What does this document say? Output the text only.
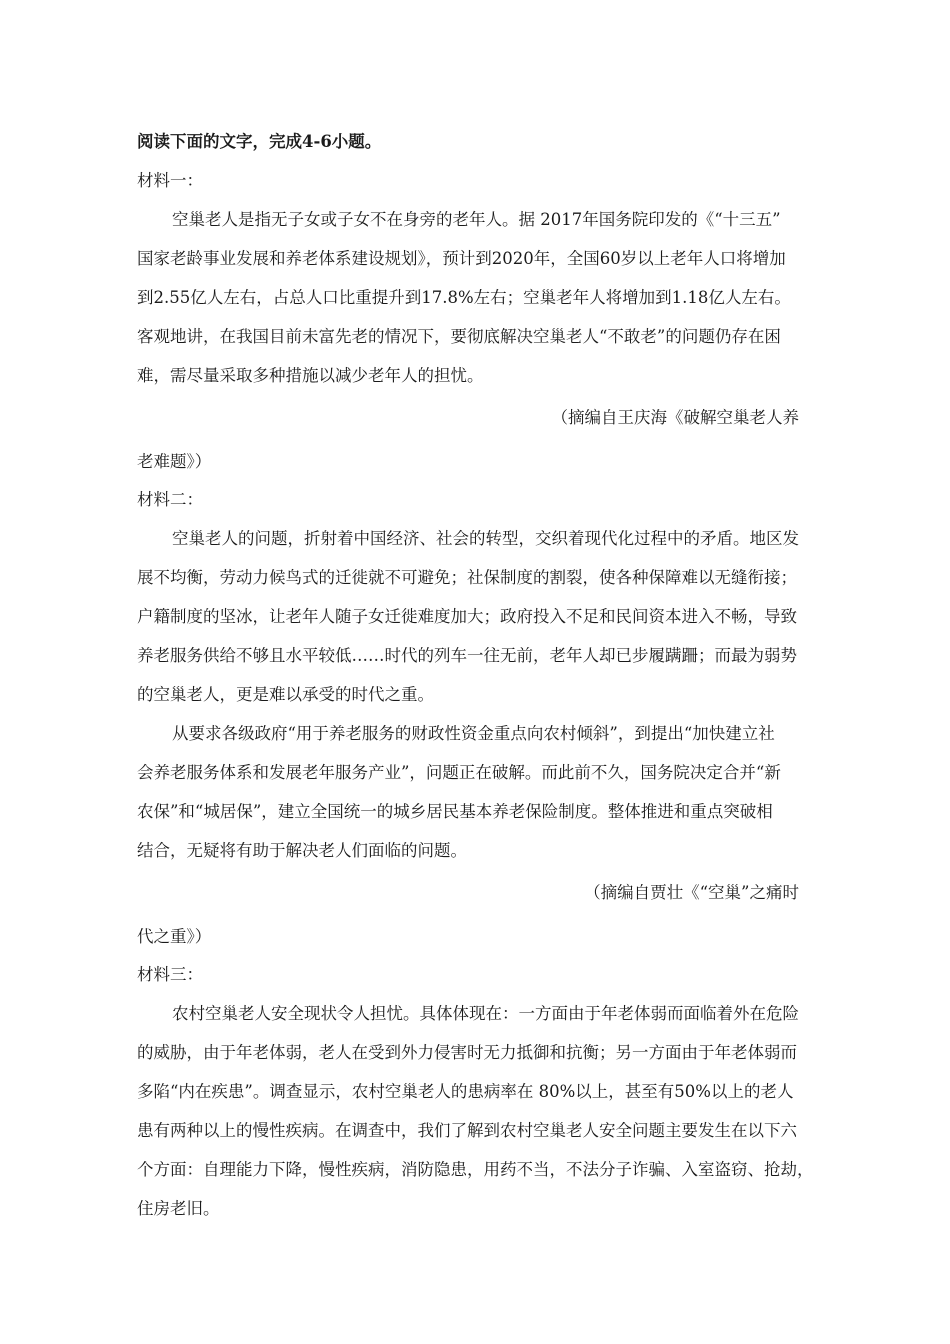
阅读下面的文字，完成4-6小题。
材料一：
空巢老人是指无子女或子女不在身旁的老年人。据 2017年国务院印发的《“十三五”
国家老龄事业发展和养老体系建设规划》，预计到2020年，全国60岁以上老年人口将增加
到2.55亿人左右，占总人口比重提升到17.8%左右；空巢老年人将增加到1.18亿人左右。
客观地讲，在我国目前未富先老的情况下，要彻底解决空巢老人“不敢老”的问题仍存在困
难，需尽量采取多种措施以减少老年人的担忧。
（摘编自王庆海《破解空巢老人养
老难题》）
材料二：
空巢老人的问题，折射着中国经济、社会的转型，交织着现代化过程中的矛盾。地区发
展不均衡，劳动力候鸟式的迁徙就不可避免；社保制度的割裂，使各种保障难以无缝衔接；
户籍制度的坚冰，让老年人随子女迁徙难度加大；政府投入不足和民间资本进入不畅，导致
养老服务供给不够且水平较低……时代的列车一往无前，老年人却已步履蹒跚；而最为弱势
的空巢老人，更是难以承受的时代之重。
从要求各级政府“用于养老服务的财政性资金重点向农村倾斜”，到提出“加快建立社
会养老服务体系和发展老年服务产业”，问题正在破解。而此前不久，国务院决定合并“新
农保”和“城居保”，建立全国统一的城乡居民基本养老保险制度。整体推进和重点突破相
结合，无疑将有助于解决老人们面临的问题。
（摘编自贾壮《“空巢”之痛时
代之重》）
材料三：
农村空巢老人安全现状令人担忧。具体体现在：一方面由于年老体弱而面临着外在危险
的威胁，由于年老体弱，老人在受到外力侵害时无力抵御和抗衡；另一方面由于年老体弱而
多陷“内在疾患”。调查显示，农村空巢老人的患病率在 80%以上，甚至有50%以上的老人
患有两种以上的慢性疾病。在调查中，我们了解到农村空巢老人安全问题主要发生在以下六
个方面：自理能力下降，慢性疾病，消防隐患，用药不当，不法分子诈骗、入室盗窃、抢劫，
住房老旧。
